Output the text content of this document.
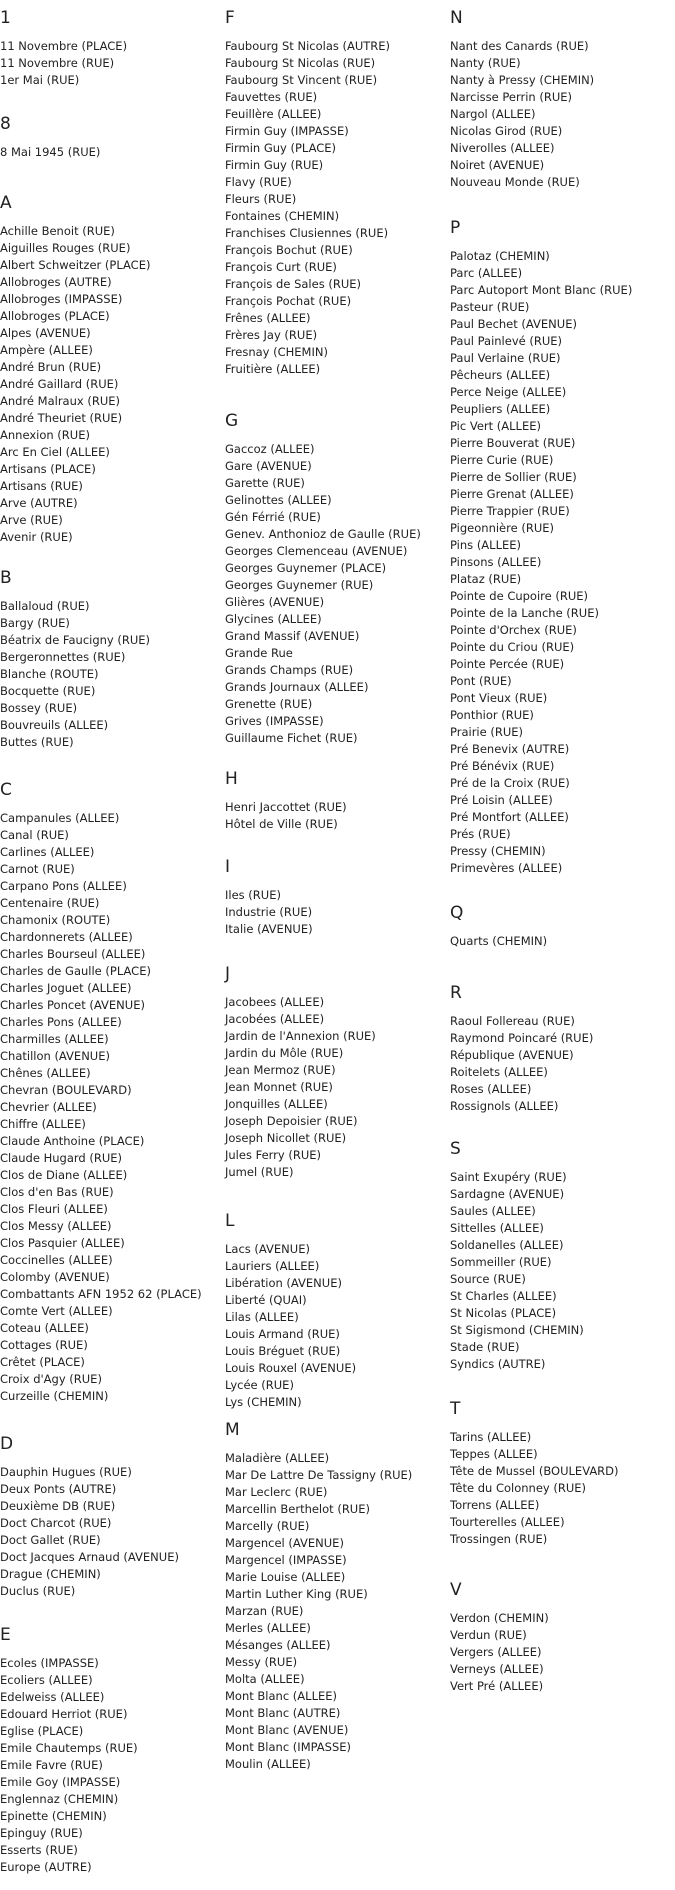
1
11 Novembre (PLACE)
11 Novembre (RUE)
1er Mai (RUE)
8
8 Mai 1945 (RUE)
A
Achille Benoit (RUE)
Aiguilles Rouges (RUE)
Albert Schweitzer (PLACE)
Allobroges (AUTRE)
Allobroges (IMPASSE)
Allobroges (PLACE)
Alpes (AVENUE)
Ampère (ALLEE)
André Brun (RUE)
André Gaillard (RUE)
André Malraux (RUE)
André Theuriet (RUE)
Annexion (RUE)
Arc En Ciel (ALLEE)
Artisans (PLACE)
Artisans (RUE)
Arve (AUTRE)
Arve (RUE)
Avenir (RUE)
B
Ballaloud (RUE)
Bargy (RUE)
Béatrix de Faucigny (RUE)
Bergeronnettes (RUE)
Blanche (ROUTE)
Bocquette (RUE)
Bossey (RUE)
Bouvreuils (ALLEE)
Buttes (RUE)
C
Campanules (ALLEE)
Canal (RUE)
Carlines (ALLEE)
Carnot (RUE)
Carpano Pons (ALLEE)
Centenaire (RUE)
Chamonix (ROUTE)
Chardonnerets (ALLEE)
Charles Bourseul (ALLEE)
Charles de Gaulle (PLACE)
Charles Joguet (ALLEE)
Charles Poncet (AVENUE)
Charles Pons (ALLEE)
Charmilles (ALLEE)
Chatillon (AVENUE)
Chênes (ALLEE)
Chevran (BOULEVARD)
Chevrier (ALLEE)
Chiffre (ALLEE)
Claude Anthoine (PLACE)
Claude Hugard (RUE)
Clos de Diane (ALLEE)
Clos d'en Bas (RUE)
Clos Fleuri (ALLEE)
Clos Messy (ALLEE)
Clos Pasquier (ALLEE)
Coccinelles (ALLEE)
Colomby (AVENUE)
Combattants AFN 1952 62 (PLACE)
Comte Vert (ALLEE)
Coteau (ALLEE)
Cottages (RUE)
Crêtet (PLACE)
Croix d'Agy (RUE)
Curzeille (CHEMIN)
D
Dauphin Hugues (RUE)
Deux Ponts (AUTRE)
Deuxième DB (RUE)
Doct Charcot (RUE)
Doct Gallet (RUE)
Doct Jacques Arnaud (AVENUE)
Drague (CHEMIN)
Duclus (RUE)
E
Ecoles (IMPASSE)
Ecoliers (ALLEE)
Edelweiss (ALLEE)
Edouard Herriot (RUE)
Eglise (PLACE)
Emile Chautemps (RUE)
Emile Favre (RUE)
Emile Goy (IMPASSE)
Englennaz (CHEMIN)
Epinette (CHEMIN)
Epinguy (RUE)
Esserts (RUE)
Europe (AUTRE)
F
Faubourg St Nicolas (AUTRE)
Faubourg St Nicolas (RUE)
Faubourg St Vincent (RUE)
Fauvettes (RUE)
Feuillère (ALLEE)
Firmin Guy (IMPASSE)
Firmin Guy (PLACE)
Firmin Guy (RUE)
Flavy (RUE)
Fleurs (RUE)
Fontaines (CHEMIN)
Franchises Clusiennes (RUE)
François Bochut (RUE)
François Curt (RUE)
François de Sales (RUE)
François Pochat (RUE)
Frênes (ALLEE)
Frères Jay (RUE)
Fresnay (CHEMIN)
Fruitière (ALLEE)
G
Gaccoz (ALLEE)
Gare (AVENUE)
Garette (RUE)
Gelinottes (ALLEE)
Gén Férrié (RUE)
Genev. Anthonioz de Gaulle (RUE)
Georges Clemenceau (AVENUE)
Georges Guynemer (PLACE)
Georges Guynemer (RUE)
Glières (AVENUE)
Glycines (ALLEE)
Grand Massif (AVENUE)
Grande Rue
Grands Champs (RUE)
Grands Journaux (ALLEE)
Grenette (RUE)
Grives (IMPASSE)
Guillaume Fichet (RUE)
H
Henri Jaccottet (RUE)
Hôtel de Ville (RUE)
I
Iles (RUE)
Industrie (RUE)
Italie (AVENUE)
J
Jacobees (ALLEE)
Jacobées (ALLEE)
Jardin de l'Annexion (RUE)
Jardin du Môle (RUE)
Jean Mermoz (RUE)
Jean Monnet (RUE)
Jonquilles (ALLEE)
Joseph Depoisier (RUE)
Joseph Nicollet (RUE)
Jules Ferry (RUE)
Jumel (RUE)
L
Lacs (AVENUE)
Lauriers (ALLEE)
Libération (AVENUE)
Liberté (QUAI)
Lilas (ALLEE)
Louis Armand (RUE)
Louis Bréguet (RUE)
Louis Rouxel (AVENUE)
Lycée (RUE)
Lys (CHEMIN)
M
Maladière (ALLEE)
Mar De Lattre De Tassigny (RUE)
Mar Leclerc (RUE)
Marcellin Berthelot (RUE)
Marcelly (RUE)
Margencel (AVENUE)
Margencel (IMPASSE)
Marie Louise (ALLEE)
Martin Luther King (RUE)
Marzan (RUE)
Merles (ALLEE)
Mésanges (ALLEE)
Messy (RUE)
Molta (ALLEE)
Mont Blanc (ALLEE)
Mont Blanc (AUTRE)
Mont Blanc (AVENUE)
Mont Blanc (IMPASSE)
Moulin (ALLEE)
N
Nant des Canards (RUE)
Nanty (RUE)
Nanty à Pressy (CHEMIN)
Narcisse Perrin (RUE)
Nargol (ALLEE)
Nicolas Girod (RUE)
Niverolles (ALLEE)
Noiret (AVENUE)
Nouveau Monde (RUE)
P
Palotaz (CHEMIN)
Parc (ALLEE)
Parc Autoport Mont Blanc (RUE)
Pasteur (RUE)
Paul Bechet (AVENUE)
Paul Painlevé (RUE)
Paul Verlaine (RUE)
Pêcheurs (ALLEE)
Perce Neige (ALLEE)
Peupliers (ALLEE)
Pic Vert (ALLEE)
Pierre Bouverat (RUE)
Pierre Curie (RUE)
Pierre de Sollier (RUE)
Pierre Grenat (ALLEE)
Pierre Trappier (RUE)
Pigeonnière (RUE)
Pins (ALLEE)
Pinsons (ALLEE)
Plataz (RUE)
Pointe de Cupoire (RUE)
Pointe de la Lanche (RUE)
Pointe d'Orchex (RUE)
Pointe du Criou (RUE)
Pointe Percée (RUE)
Pont (RUE)
Pont Vieux (RUE)
Ponthior (RUE)
Prairie (RUE)
Pré Benevix (AUTRE)
Pré Bénévix (RUE)
Pré de la Croix (RUE)
Pré Loisin (ALLEE)
Pré Montfort (ALLEE)
Prés (RUE)
Pressy (CHEMIN)
Primevères (ALLEE)
Q
Quarts (CHEMIN)
R
Raoul Follereau (RUE)
Raymond Poincaré (RUE)
République (AVENUE)
Roitelets (ALLEE)
Roses (ALLEE)
Rossignols (ALLEE)
S
Saint Exupéry (RUE)
Sardagne (AVENUE)
Saules (ALLEE)
Sittelles (ALLEE)
Soldanelles (ALLEE)
Sommeiller (RUE)
Source (RUE)
St Charles (ALLEE)
St Nicolas (PLACE)
St Sigismond (CHEMIN)
Stade (RUE)
Syndics (AUTRE)
T
Tarins (ALLEE)
Teppes (ALLEE)
Tête de Mussel (BOULEVARD)
Tête du Colonney (RUE)
Torrens (ALLEE)
Tourterelles (ALLEE)
Trossingen (RUE)
V
Verdon (CHEMIN)
Verdun (RUE)
Vergers (ALLEE)
Verneys (ALLEE)
Vert Pré (ALLEE)
